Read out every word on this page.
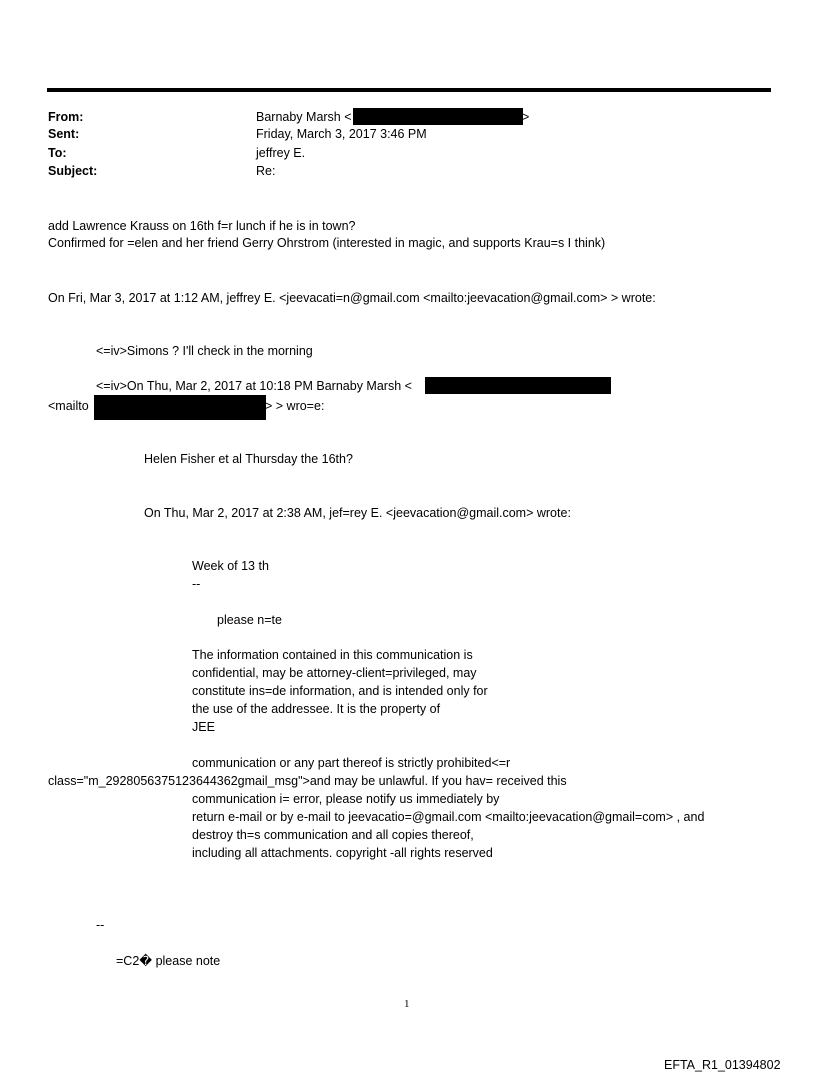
From:	Barnaby Marsh <	>
Sent:	Friday, March 3, 2017 3:46 PM
To:	jeffrey E.
Subject:	Re:
add Lawrence Krauss on 16th f=r lunch if he is in town?
Confirmed for =elen and her friend Gerry Ohrstrom (interested in magic, and supports Krau=s I think)
On Fri, Mar 3, 2017 at 1:12 AM, jeffrey E. <jeevacati=n@gmail.com <mailto:jeevacation@gmail.com> > wrote:
<=iv>Simons ? I'll check in the morning
<=iv>On Thu, Mar 2, 2017 at 10:18 PM Barnaby Marsh <
<mailto	> > wro=e:
Helen Fisher et al Thursday the 16th?
On Thu, Mar 2, 2017 at 2:38 AM, jef=rey E. <jeevacation@gmail.com> wrote:
Week of 13 th
--
please n=te
The information contained in this communication is
confidential, may be attorney-client=privileged, may
constitute ins=de information, and is intended only for
the use of the addressee. It is the property of
JEE
communication or any part thereof is strictly prohibited<=r
class="m_2928056375123644362gmail_msg">and may be unlawful. If you hav= received this
communication i= error, please notify us immediately by
return e-mail or by e-mail to jeevacatio=@gmail.com <mailto:jeevacation@gmail=com> , and
destroy th=s communication and all copies thereof,
including all attachments. copyright -all rights reserved
--
=C2� please note
1
EFTA_R1_01394802
